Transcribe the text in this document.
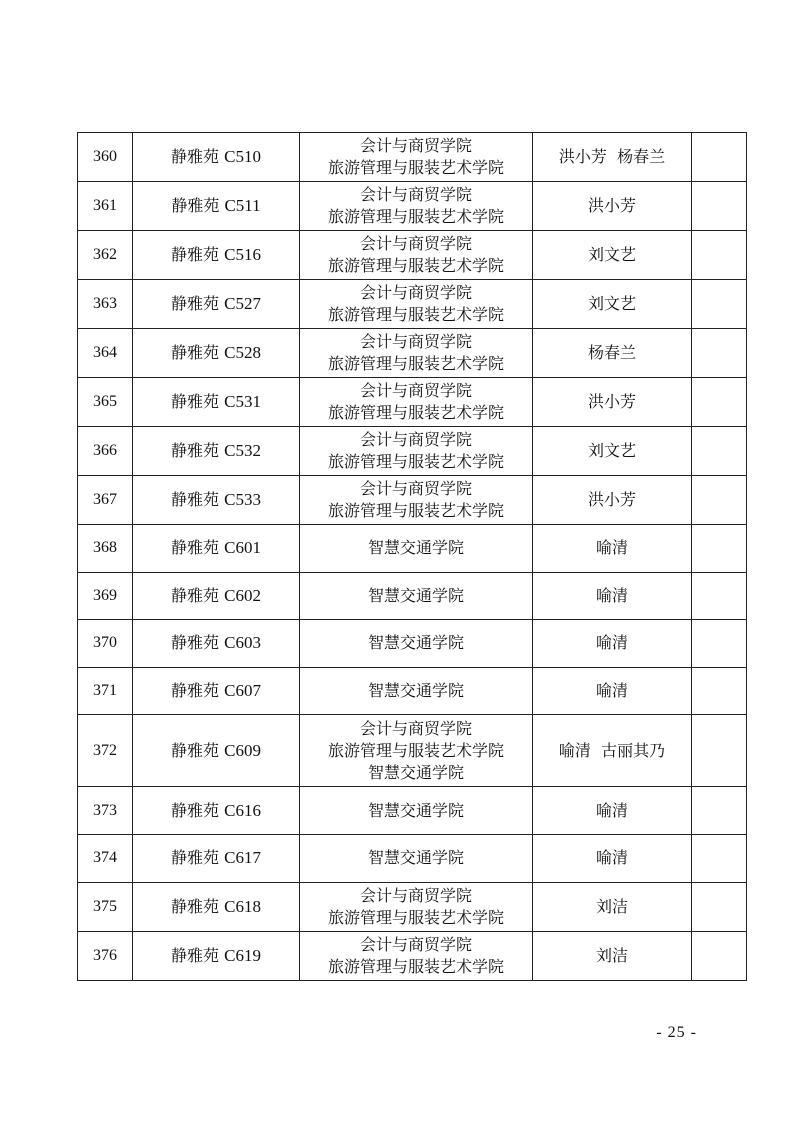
360	静雅苑 C510	会计与商贸学院
旅游管理与服装艺术学院	洪小芳 杨春兰	
361	静雅苑 C511	会计与商贸学院
旅游管理与服装艺术学院	洪小芳	
362	静雅苑 C516	会计与商贸学院
旅游管理与服装艺术学院	刘文艺	
363	静雅苑 C527	会计与商贸学院
旅游管理与服装艺术学院	刘文艺	
364	静雅苑 C528	会计与商贸学院
旅游管理与服装艺术学院	杨春兰	
365	静雅苑 C531	会计与商贸学院
旅游管理与服装艺术学院	洪小芳	
366	静雅苑 C532	会计与商贸学院
旅游管理与服装艺术学院	刘文艺	
367	静雅苑 C533	会计与商贸学院
旅游管理与服装艺术学院	洪小芳	
368	静雅苑 C601	智慧交通学院	喻清	
369	静雅苑 C602	智慧交通学院	喻清	
370	静雅苑 C603	智慧交通学院	喻清	
371	静雅苑 C607	智慧交通学院	喻清	
372	静雅苑 C609	会计与商贸学院
旅游管理与服装艺术学院
智慧交通学院	喻清 古丽其乃	
373	静雅苑 C616	智慧交通学院	喻清	
374	静雅苑 C617	智慧交通学院	喻清	
375	静雅苑 C618	会计与商贸学院
旅游管理与服装艺术学院	刘洁	
376	静雅苑 C619	会计与商贸学院
旅游管理与服装艺术学院	刘洁	
- 25 -
